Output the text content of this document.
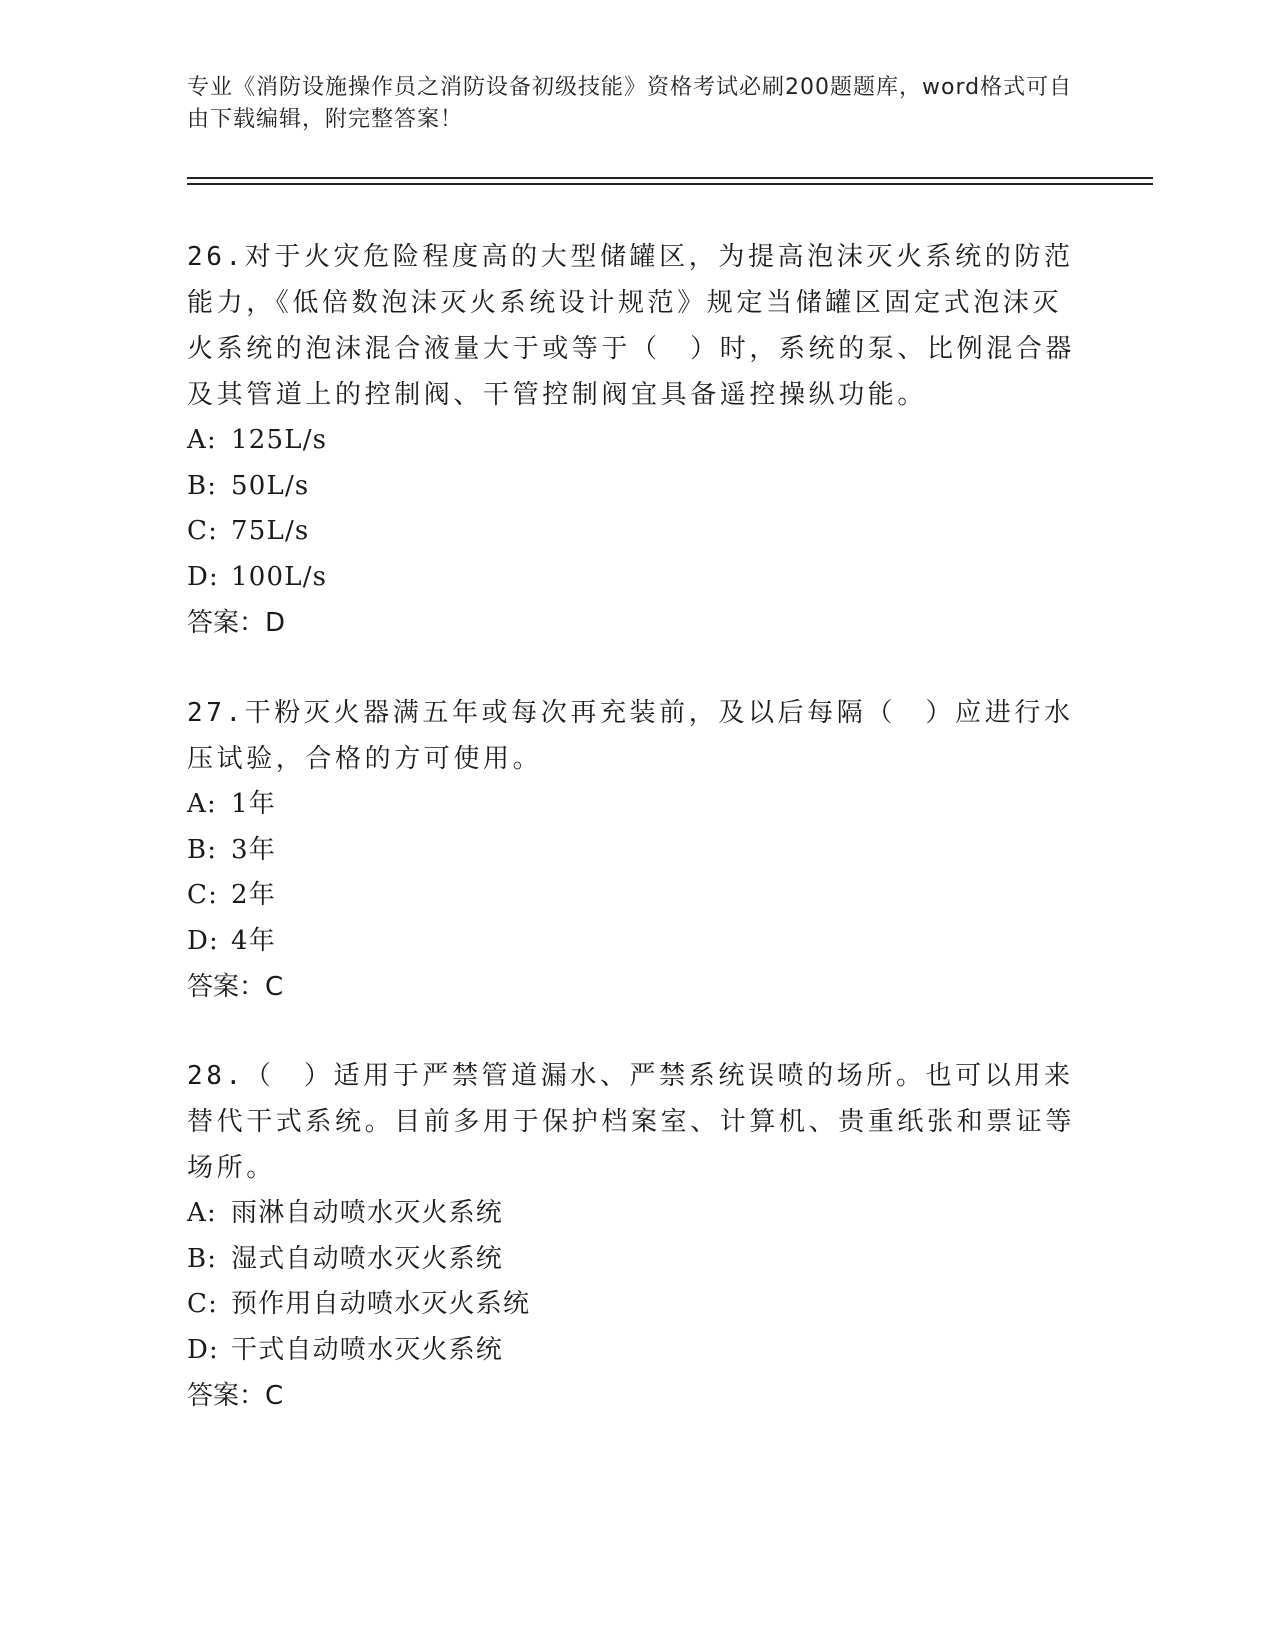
专业《消防设施操作员之消防设备初级技能》资格考试必刷200题题库，word格式可自由下载编辑，附完整答案！

26.对于火灾危险程度高的大型储罐区，为提高泡沫灭火系统的防范能力，《低倍数泡沫灭火系统设计规范》规定当储罐区固定式泡沫灭火系统的泡沫混合液量大于或等于（　）时，系统的泵、比例混合器及其管道上的控制阀、干管控制阀宜具备遥控操纵功能。

A: 125L/s

B: 50L/s

C: 75L/s

D: 100L/s

答案：D

27.干粉灭火器满五年或每次再充装前，及以后每隔（　）应进行水压试验，合格的方可使用。

A: 1年

B: 3年

C: 2年

D: 4年

答案：C

28.（　）适用于严禁管道漏水、严禁系统误喷的场所。也可以用来替代干式系统。目前多用于保护档案室、计算机、贵重纸张和票证等场所。

A: 雨淋自动喷水灭火系统

B: 湿式自动喷水灭火系统

C: 预作用自动喷水灭火系统

D: 干式自动喷水灭火系统

答案：C
